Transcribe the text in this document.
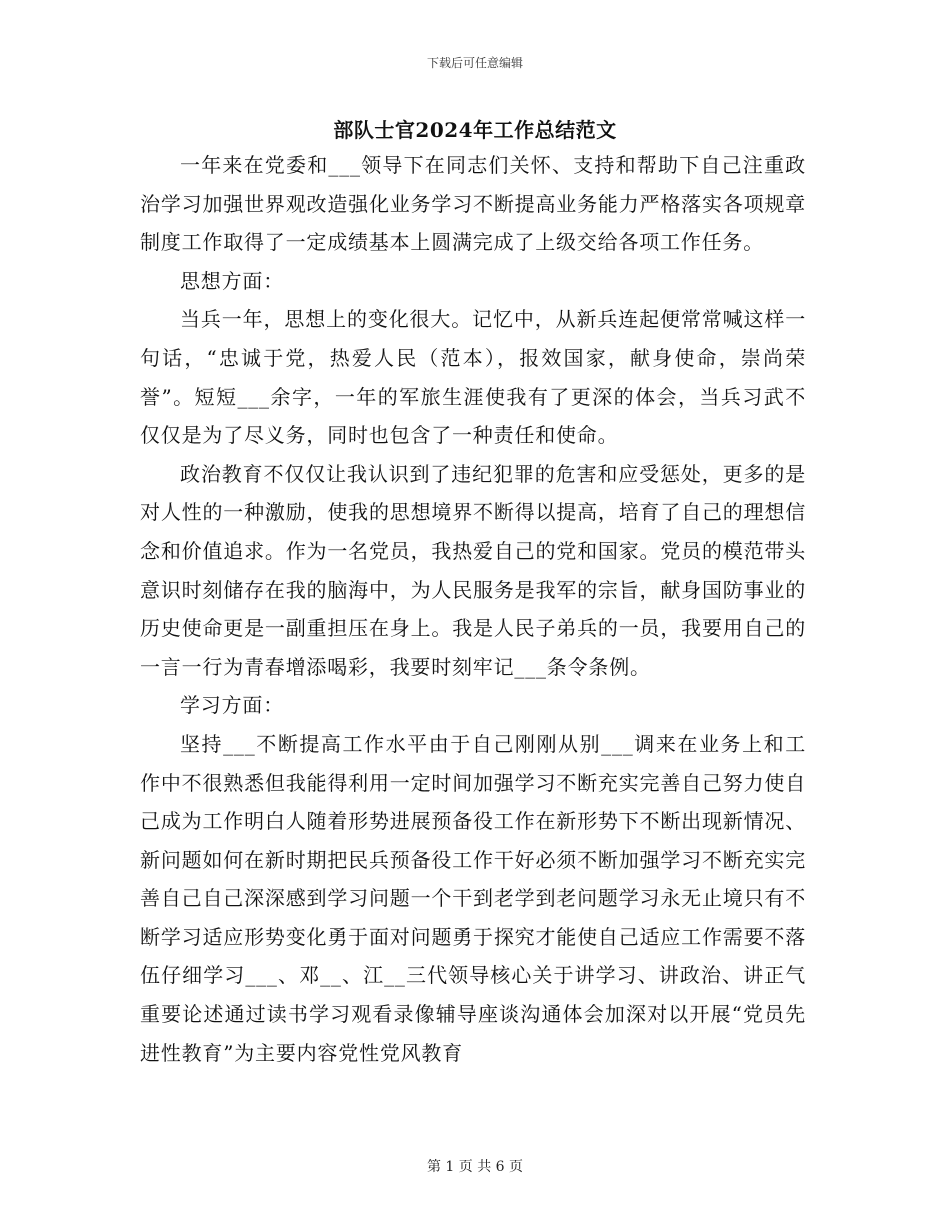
下载后可任意编辑
部队士官2024年工作总结范文

一年来在党委和___领导下在同志们关怀、支持和帮助下自己注重政治学习加强世界观改造强化业务学习不断提高业务能力严格落实各项规章制度工作取得了一定成绩基本上圆满完成了上级交给各项工作任务。

思想方面：

当兵一年，思想上的变化很大。记忆中，从新兵连起便常常喊这样一句话，“忠诚于党，热爱人民（范本），报效国家，献身使命，崇尚荣誉”。短短___余字，一年的军旅生涯使我有了更深的体会，当兵习武不仅仅是为了尽义务，同时也包含了一种责任和使命。

政治教育不仅仅让我认识到了违纪犯罪的危害和应受惩处，更多的是对人性的一种激励，使我的思想境界不断得以提高，培育了自己的理想信念和价值追求。作为一名党员，我热爱自己的党和国家。党员的模范带头意识时刻储存在我的脑海中，为人民服务是我军的宗旨，献身国防事业的历史使命更是一副重担压在身上。我是人民子弟兵的一员，我要用自己的一言一行为青春增添喝彩，我要时刻牢记___条令条例。

学习方面：

坚持___不断提高工作水平由于自己刚刚从别___调来在业务上和工作中不很熟悉但我能得利用一定时间加强学习不断充实完善自己努力使自己成为工作明白人随着形势进展预备役工作在新形势下不断出现新情况、新问题如何在新时期把民兵预备役工作干好必须不断加强学习不断充实完善自己自己深深感到学习问题一个干到老学到老问题学习永无止境只有不断学习适应形势变化勇于面对问题勇于探究才能使自己适应工作需要不落伍仔细学习___、邓__、江__三代领导核心关于讲学习、讲政治、讲正气重要论述通过读书学习观看录像辅导座谈沟通体会加深对以开展“党员先进性教育”为主要内容党性党风教育

第 1 页 共 6 页
